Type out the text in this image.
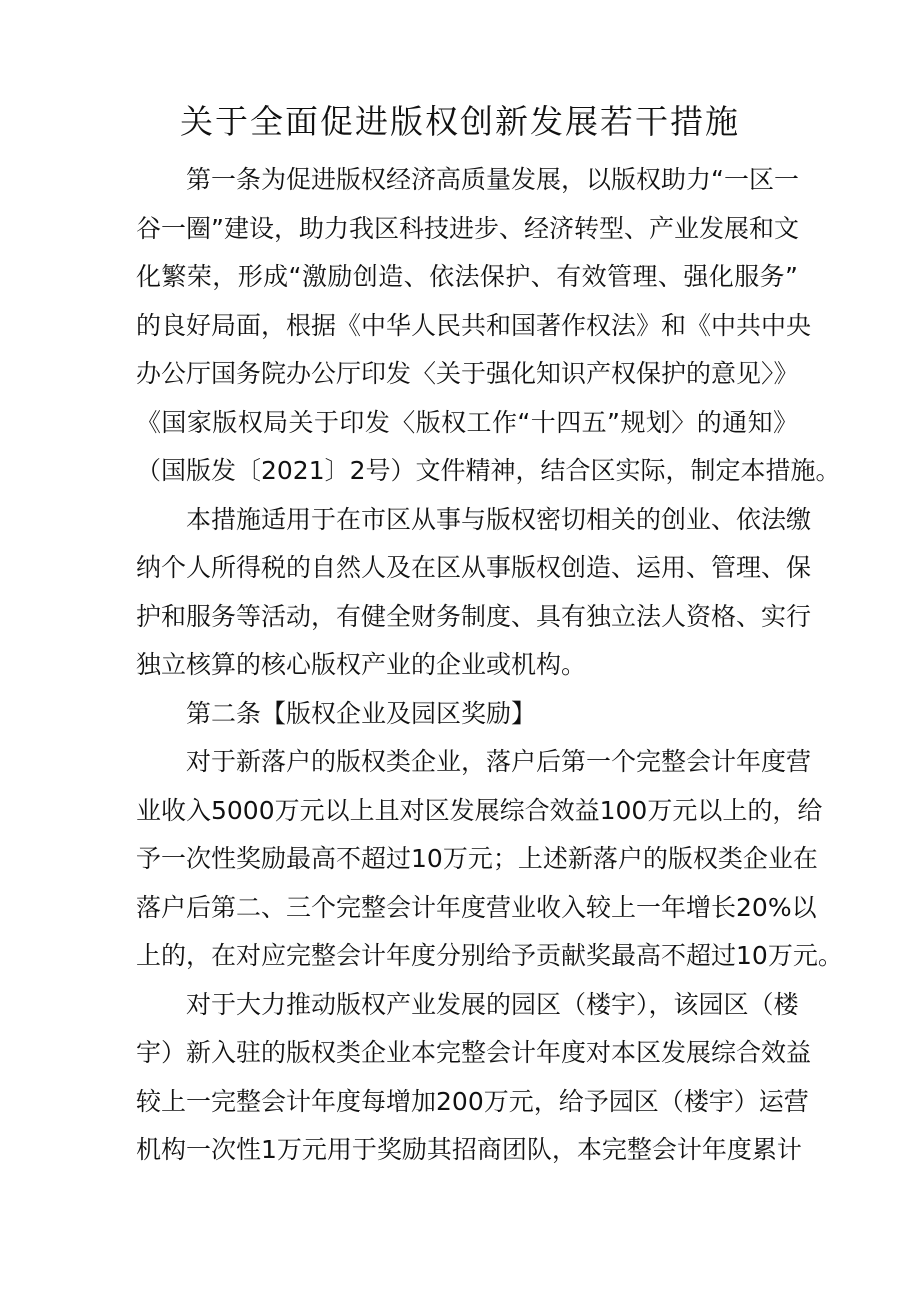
关于全面促进版权创新发展若干措施
第一条为促进版权经济高质量发展，以版权助力“一区一
谷一圈”建设，助力我区科技进步、经济转型、产业发展和文
化繁荣，形成“激励创造、依法保护、有效管理、强化服务”
的良好局面，根据《中华人民共和国著作权法》和《中共中央
办公厅国务院办公厅印发〈关于强化知识产权保护的意见〉》
《国家版权局关于印发〈版权工作“十四五”规划〉的通知》
（国版发〔2021〕2号）文件精神，结合区实际，制定本措施。
本措施适用于在市区从事与版权密切相关的创业、依法缴
纳个人所得税的自然人及在区从事版权创造、运用、管理、保
护和服务等活动，有健全财务制度、具有独立法人资格、实行
独立核算的核心版权产业的企业或机构。
第二条【版权企业及园区奖励】
对于新落户的版权类企业，落户后第一个完整会计年度营
业收入5000万元以上且对区发展综合效益100万元以上的，给
予一次性奖励最高不超过10万元；上述新落户的版权类企业在
落户后第二、三个完整会计年度营业收入较上一年增长20%以
上的，在对应完整会计年度分别给予贡献奖最高不超过10万元。
对于大力推动版权产业发展的园区（楼宇），该园区（楼
宇）新入驻的版权类企业本完整会计年度对本区发展综合效益
较上一完整会计年度每增加200万元，给予园区（楼宇）运营
机构一次性1万元用于奖励其招商团队，本完整会计年度累计
